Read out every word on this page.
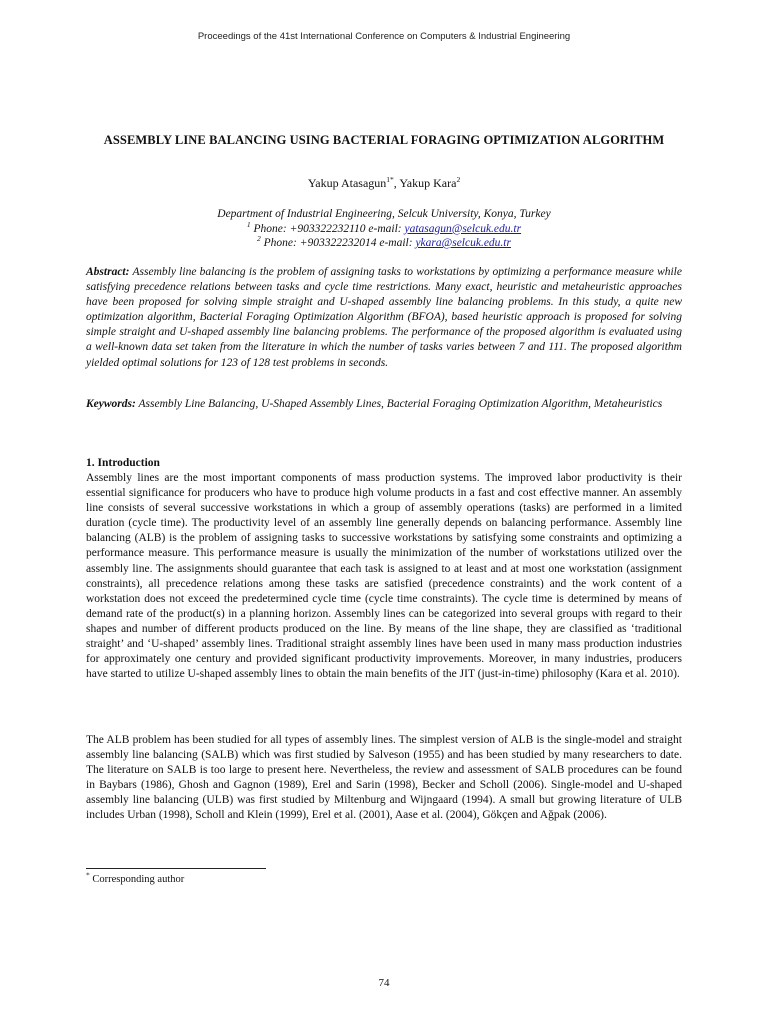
Proceedings of the 41st International Conference on Computers & Industrial Engineering
ASSEMBLY LINE BALANCING USING BACTERIAL FORAGING OPTIMIZATION ALGORITHM
Yakup Atasagun$^{1*}$, Yakup Kara$^2$
Department of Industrial Engineering, Selcuk University, Konya, Turkey
$^1$ Phone: +903322232110 e-mail: yatasagun@selcuk.edu.tr
$^2$ Phone: +903322232014 e-mail: ykara@selcuk.edu.tr
Abstract: Assembly line balancing is the problem of assigning tasks to workstations by optimizing a performance measure while satisfying precedence relations between tasks and cycle time restrictions. Many exact, heuristic and metaheuristic approaches have been proposed for solving simple straight and U-shaped assembly line balancing problems. In this study, a quite new optimization algorithm, Bacterial Foraging Optimization Algorithm (BFOA), based heuristic approach is proposed for solving simple straight and U-shaped assembly line balancing problems. The performance of the proposed algorithm is evaluated using a well-known data set taken from the literature in which the number of tasks varies between 7 and 111. The proposed algorithm yielded optimal solutions for 123 of 128 test problems in seconds.
Keywords: Assembly Line Balancing, U-Shaped Assembly Lines, Bacterial Foraging Optimization Algorithm, Metaheuristics
1. Introduction
Assembly lines are the most important components of mass production systems. The improved labor productivity is their essential significance for producers who have to produce high volume products in a fast and cost effective manner. An assembly line consists of several successive workstations in which a group of assembly operations (tasks) are performed in a limited duration (cycle time). The productivity level of an assembly line generally depends on balancing performance. Assembly line balancing (ALB) is the problem of assigning tasks to successive workstations by satisfying some constraints and optimizing a performance measure. This performance measure is usually the minimization of the number of workstations utilized over the assembly line. The assignments should guarantee that each task is assigned to at least and at most one workstation (assignment constraints), all precedence relations among these tasks are satisfied (precedence constraints) and the work content of a workstation does not exceed the predetermined cycle time (cycle time constraints). The cycle time is determined by means of demand rate of the product(s) in a planning horizon. Assembly lines can be categorized into several groups with regard to their shapes and number of different products produced on the line. By means of the line shape, they are classified as ‘traditional straight’ and ‘U-shaped’ assembly lines. Traditional straight assembly lines have been used in many mass production industries for approximately one century and provided significant productivity improvements. Moreover, in many industries, producers have started to utilize U-shaped assembly lines to obtain the main benefits of the JIT (just-in-time) philosophy (Kara et al. 2010).
The ALB problem has been studied for all types of assembly lines. The simplest version of ALB is the single-model and straight assembly line balancing (SALB) which was first studied by Salveson (1955) and has been studied by many researchers to date. The literature on SALB is too large to present here. Nevertheless, the review and assessment of SALB procedures can be found in Baybars (1986), Ghosh and Gagnon (1989), Erel and Sarin (1998), Becker and Scholl (2006). Single-model and U-shaped assembly line balancing (ULB) was first studied by Miltenburg and Wijngaard (1994). A small but growing literature of ULB includes Urban (1998), Scholl and Klein (1999), Erel et al. (2001), Aase et al. (2004), Gökçen and Ağpak (2006).
* Corresponding author
74
